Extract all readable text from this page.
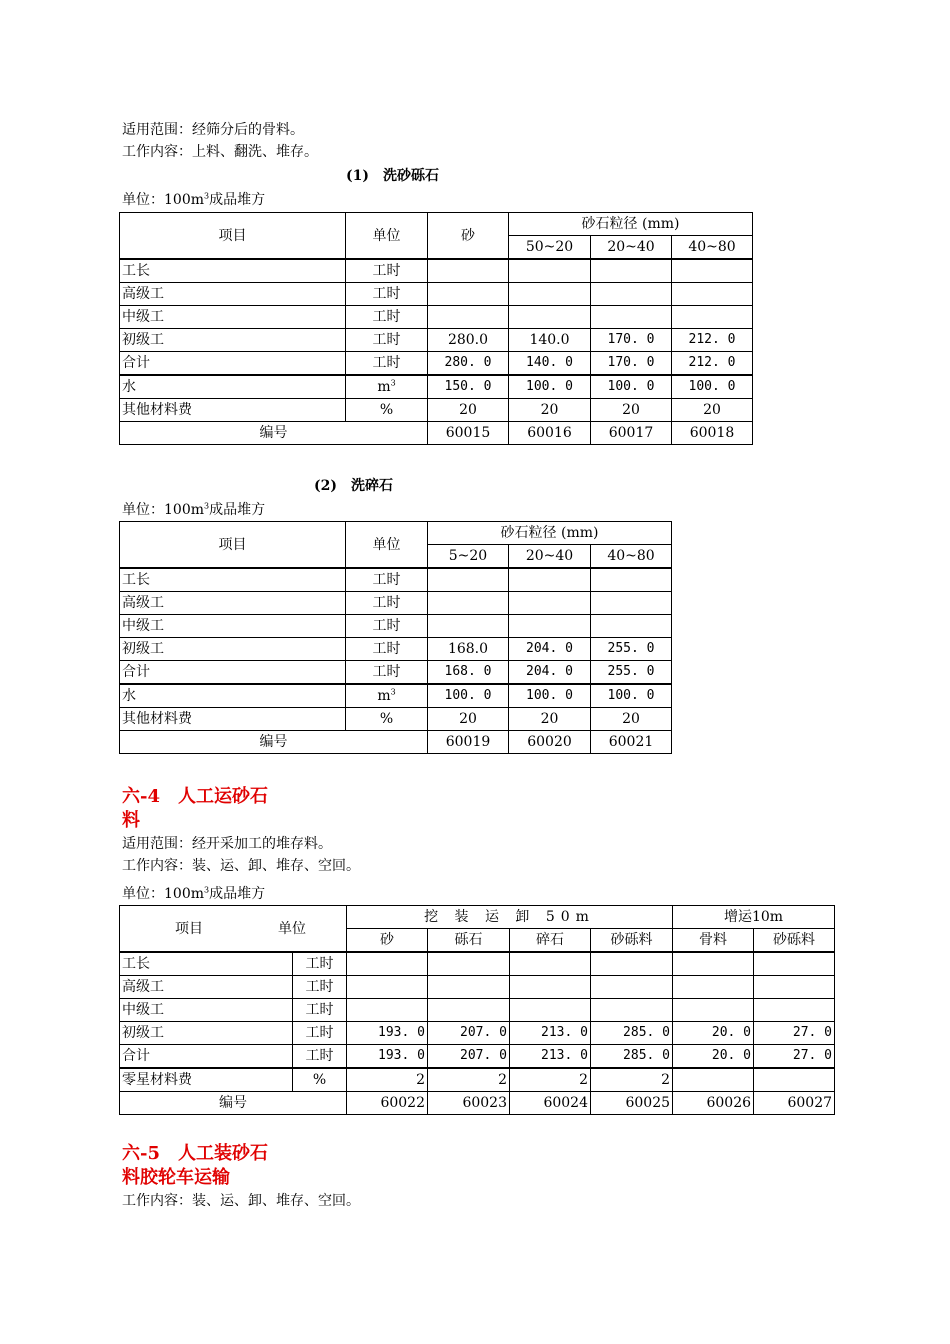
适用范围：经筛分后的骨料。
工作内容：上料、翻洗、堆存。
(1)　洗砂砾石
单位：$100m^3$成品堆方
项目	单位	砂	砂石粒径 (mm)		
			50~20	20~40	40~80
工长	工时				
高级工	工时				
中级工	工时				
初级工	工时	280.0	140.0	170. 0	212. 0
合计	工时	280. 0	140. 0	170. 0	212. 0
水	$m^3$	150. 0	100. 0	100. 0	100. 0
其他材料费	%	20	20	20	20
编号		60015	60016	60017	60018
(2)　洗碎石
单位：$100m^3$成品堆方
项目	单位	砂石粒径 (mm)		
		5~20	20~40	40~80
工长	工时			
高级工	工时			
中级工	工时			
初级工	工时	168.0	204. 0	255. 0
合计	工时	168. 0	204. 0	255. 0
水	$m^3$	100. 0	100. 0	100. 0
其他材料费	%	20	20	20
编号		60019	60020	60021
六-4　人工运砂石
料
适用范围：经开采加工的堆存料。
工作内容：装、运、卸、堆存、空回。
单位：$100m^3$成品堆方
项目 单位		挖 装 运 卸 50m				增运10m	
		砂	砾石	碎石	砂砾料	骨料	砂砾料
工长	工时						
高级工	工时						
中级工	工时						
初级工	工时	193. 0	207. 0	213. 0	285. 0	20. 0	27. 0
合计	工时	193. 0	207. 0	213. 0	285. 0	20. 0	27. 0
零星材料费	%	2	2	2	2		
编号		60022	60023	60024	60025	60026	60027
六-5　人工装砂石
料胶轮车运输
工作内容：装、运、卸、堆存、空回。
